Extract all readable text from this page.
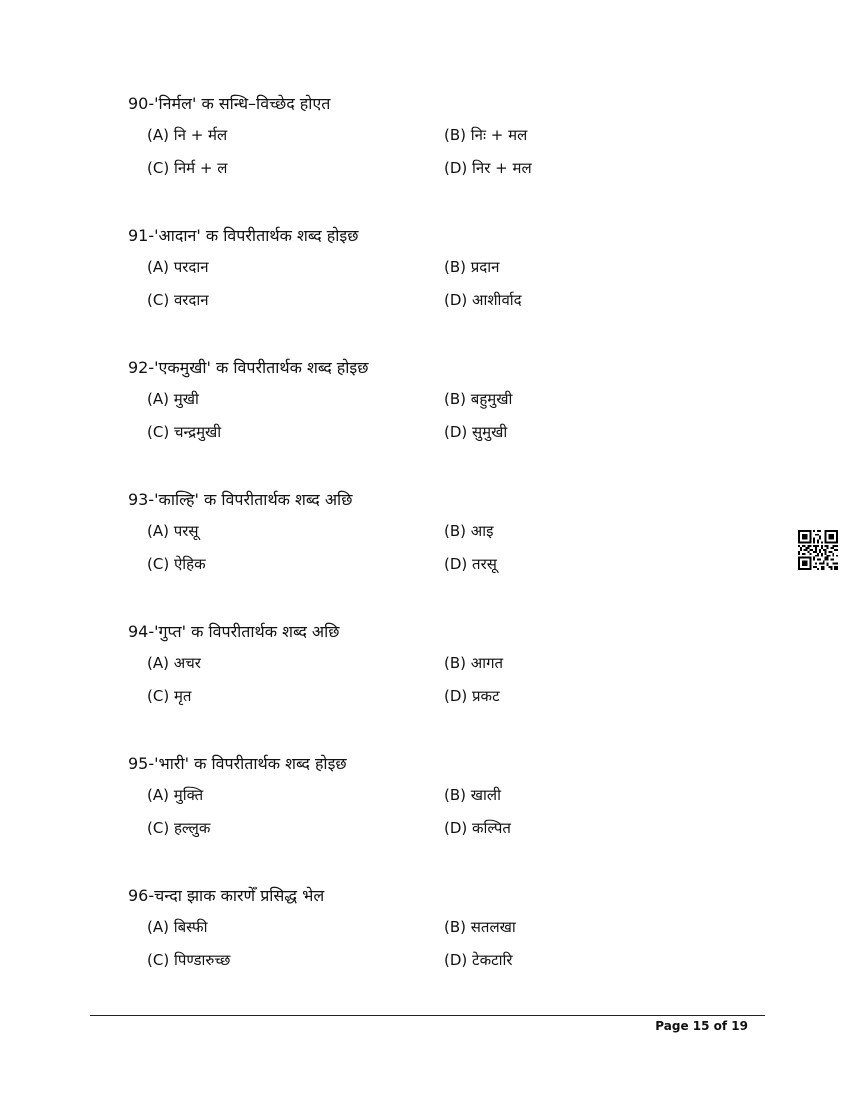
90-'निर्मल' क सन्धि–विच्छेद होएत
(A) नि + र्मल	(B) निः + मल
(C) निर्म + ल	(D) निर + मल
91-'आदान' क विपरीतार्थक शब्द होइछ
(A) परदान	(B) प्रदान
(C) वरदान	(D) आशीर्वाद
92-'एकमुखी' क विपरीतार्थक शब्द होइछ
(A) मुखी	(B) बहुमुखी
(C) चन्द्रमुखी	(D) सुमुखी
93-'काल्हि' क विपरीतार्थक शब्द अछि
(A) परसू	(B) आइ
(C) ऐहिक	(D) तरसू
94-'गुप्त' क विपरीतार्थक शब्द अछि
(A) अचर	(B) आगत
(C) मृत	(D) प्रकट
95-'भारी' क विपरीतार्थक शब्द होइछ
(A) मुक्ति	(B) खाली
(C) हल्लुक	(D) कल्पित
96-चन्दा झाक कारणेँ प्रसिद्ध भेल
(A) बिस्फी	(B) सतलखा
(C) पिण्डारुच्छ	(D) टेकटारि
Page 15 of 19
